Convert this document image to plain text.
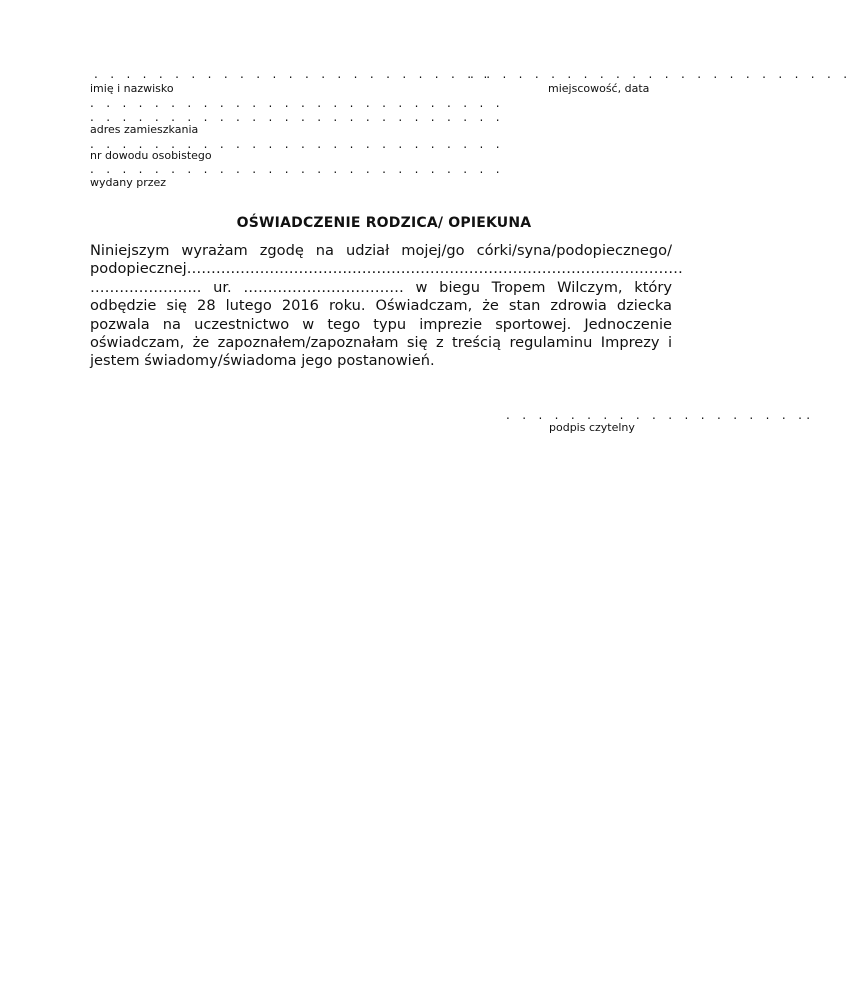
. . . . . . . . . . . . . . . . . . . . . . . . .
imię i nazwisko
. . . . . . . . . . . . . . . . . . . . . . . .
miejscowość, data
. . . . . . . . . . . . . . . . . . . . . . . . . .
. . . . . . . . . . . . . . . . . . . . . . . . . .
adres zamieszkania
. . . . . . . . . . . . . . . . . . . . . . . . . .
nr dowodu osobistego
. . . . . . . . . . . . . . . . . . . . . . . . . .
wydany przez
OŚWIADCZENIE RODZICA/ OPIEKUNA

Niniejszym wyrażam zgodę na udział mojej/go córki/syna/podopiecznego/ podopiecznej………………………………………………………………………………………… ………………….. ur. …………………………… w biegu Tropem Wilczym, który odbędzie się 28 lutego 2016 roku. Oświadczam, że stan zdrowia dziecka pozwala na uczestnictwo w tego typu imprezie sportowej. Jednoczenie oświadczam, że zapoznałem/zapoznałam się z treścią regulaminu Imprezy i jestem świadomy/świadoma jego postanowień.

. . . . . . . . . . . . . . . . . . ..
podpis czytelny
